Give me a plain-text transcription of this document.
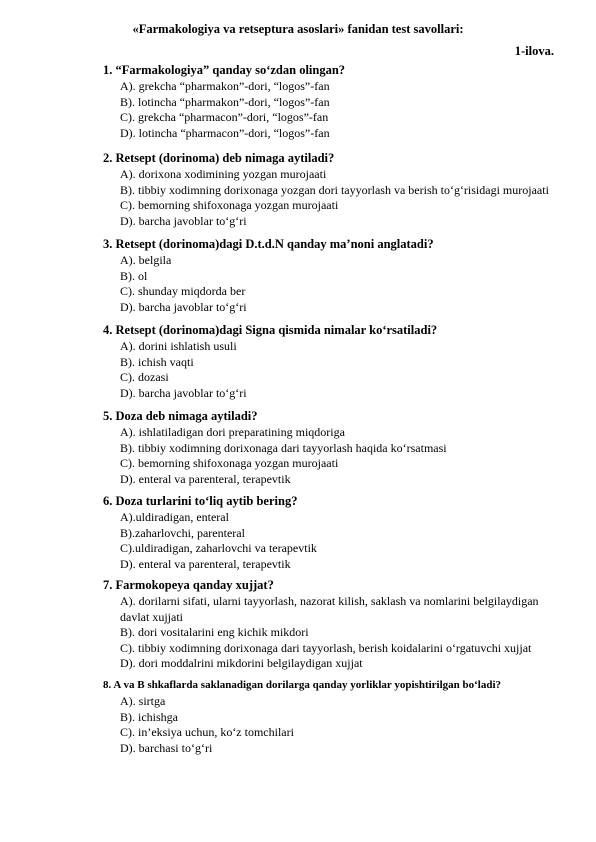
«Farmakologiya va retseptura asoslari» fanidan test savollari:
1-ilova.
1. “Farmakologiya” qanday so‘zdan olingan?
A). grekcha “pharmakon”-dori, “logos”-fan
B). lotincha “pharmakon”-dori, “logos”-fan
C). grekcha “pharmacon”-dori, “logos”-fan
D). lotincha “pharmacon”-dori, “logos”-fan
2. Retsept (dorinoma) deb nimaga aytiladi?
A). dorixona xodimining yozgan murojaati
B). tibbiy xodimning dorixonaga yozgan dori tayyorlash va berish to‘g‘risidagi murojaati
C). bemorning shifoxonaga yozgan murojaati
D). barcha javoblar to‘g‘ri
3. Retsept (dorinoma)dagi D.t.d.N qanday ma’noni anglatadi?
A). belgila
B). ol
C). shunday miqdorda ber
D). barcha javoblar to‘g‘ri
4. Retsept (dorinoma)dagi Signa qismida nimalar ko‘rsatiladi?
A). dorini ishlatish usuli
B). ichish vaqti
C). dozasi
D). barcha javoblar to‘g‘ri
5. Doza deb nimaga aytiladi?
A). ishlatiladigan dori preparatining miqdoriga
B). tibbiy xodimning dorixonaga dari tayyorlash haqida ko‘rsatmasi
C). bemorning shifoxonaga yozgan murojaati
D). enteral va parenteral, terapevtik
6. Doza turlarini to‘liq aytib bering?
A).uldiradigan, enteral
B).zaharlovchi, parenteral
C).uldiradigan, zaharlovchi va terapevtik
D). enteral va parenteral, terapevtik
7. Farmokopeya qanday xujjat?
A). dorilarni sifati, ularni tayyorlash, nazorat kilish, saklash va nomlarini belgilaydigan
davlat xujjati
B). dori vositalarini eng kichik mikdori
C). tibbiy xodimning dorixonaga dari tayyorlash, berish koidalarini o‘rgatuvchi xujjat
D). dori moddalrini mikdorini belgilaydigan xujjat
8. A va B shkaflarda saklanadigan dorilarga qanday yorliklar yopishtirilgan bo‘ladi?
A). sirtga
B). ichishga
C). in’eksiya uchun, ko‘z tomchilari
D). barchasi to‘g‘ri
